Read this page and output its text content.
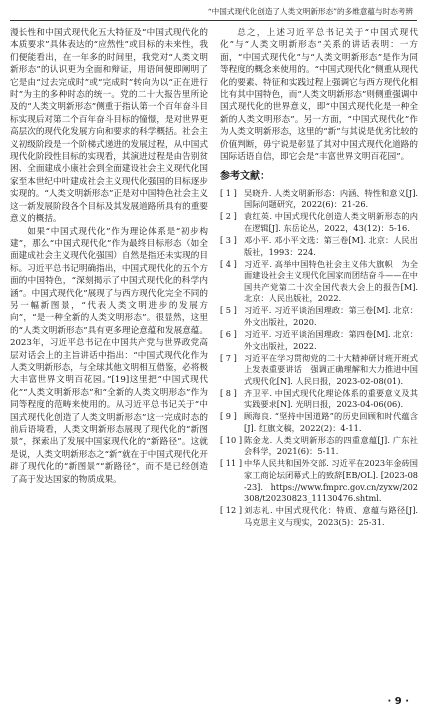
“中国式现代化创造了人类文明新形态”的多维意蕴与时态考辨

漫长性和中国式现代化五大特征及“中国式现代化的本质要求”具体表达的“应然性”或目标的未来性，我们便能看出，在一年多的时间里，我党对“人类文明新形态”的认识更为全面和辩证，用语间便即阐明了它是由“过去完成时”或“完成时”转向为以“正在进行时”为主的多种时态的统一。党的二十大报告里所论及的“人类文明新形态”侧重于指认第一个百年奋斗目标实现后对第二个百年奋斗目标的憧憬，是对世界更高层次的现代化发展方向和要求的科学概括。社会主义初级阶段是一个阶梯式递进的发展过程，从中国式现代化阶段性目标的实现看，其演进过程是由告别贫困、全面建成小康社会到全面建设社会主义现代化国家至本世纪中叶建成社会主义现代化强国的目标逐步实现的。“人类文明新形态”正是对中国特色社会主义这一新发展阶段各个目标及其发展道路所具有的重要意义的概括。

如果“中国式现代化”作为理论体系是“初步构建”，那么“中国式现代化”作为最终目标形态（如全面建成社会主义现代化强国）自然是指还未实现的目标。习近平总书记明确指出，中国式现代化的五个方面的中国特色，“深刻揭示了中国式现代化的科学内涵”。中国式现代化”展现了与西方现代化完全不同的另一幅新图景，“代表人类文明进步的发展方向”，“是一种全新的人类文明形态”。很显然，这里的“人类文明新形态”具有更多理论意蕴和发展意蕴。2023年，习近平总书记在中国共产党与世界政党高层对话会上的主旨讲话中指出：“中国式现代化作为人类文明新形态，与全球其他文明相互借鉴，必将极大丰富世界文明百花园。”[19]这里把“中国式现代化”“人类文明新形态”和“全新的人类文明形态”作为同等程度的范畴来使用的。从习近平总书记关于“中国式现代化创造了人类文明新形态”这一完成时态的前后语境看，人类文明新形态展现了现代化的“新图景”，探索出了发展中国家现代化的“新路径”。这就是说，人类文明新形态之“新”就在于中国式现代化开辟了现代化的“新图景”“新路径”，而不是已经创造了高于发达国家的物质成果。

总之，上述习近平总书记关于“中国式现代化”与“人类文明新形态”关系的讲话表明：一方面，“中国式现代化”与“人类文明新形态”是作为同等程度的概念来使用的。“中国式现代化”侧重从现代化的要素、特征和实践过程上强调它与西方现代化相比有其中国特色，而“人类文明新形态”则侧重强调中国式现代化的世界意义，即“中国式现代化是一种全新的人类文明形态”。另一方面，“中国式现代化”作为人类文明新形态，这里的“新”与其说是优劣比较的价值判断，毋宁说是彰显了其对中国式现代化道路的国际话语自信，即它会是“丰富世界文明百花园”。

参考文献：
[ 1 ] 吴晓升. 人类文明新形态：内涵、特性和意义[J]. 国际问题研究，2022(6)：21-26.
[ 2 ] 袁红英. 中国式现代化创造人类文明新形态的内在逻辑[J]. 东岳论丛，2022，43(12)：5-16.
[ 3 ] 邓小平. 邓小平文选：第三卷[M]. 北京：人民出版社，1993：224.
[ 4 ] 习近平. 高举中国特色社会主义伟大旗帜　为全面建设社会主义现代化国家而团结奋斗——在中国共产党第二十次全国代表大会上的报告[M]. 北京：人民出版社，2022.
[ 5 ] 习近平. 习近平谈治国理政：第三卷[M]. 北京：外文出版社，2020.
[ 6 ] 习近平. 习近平谈治国理政：第四卷[M]. 北京：外文出版社，2022.
[ 7 ] 习近平在学习贯彻党的二十大精神研讨班开班式上发表重要讲话　强调正确理解和大力推进中国式现代化[N]. 人民日报，2023-02-08(01).
[ 8 ] 齐卫平. 中国式现代化理论体系的重要意义及其实践要求[N]. 光明日报，2023-04-06(06).
[ 9 ] 顾海良. “坚持中国道路”的历史回顾和时代蕴含[J]. 红旗文稿，2022(2)：4-11.
[ 10 ] 陈金龙. 人类文明新形态的四重意蕴[J]. 广东社会科学，2021(6)：5-11.
[ 11 ] 中华人民共和国外交部. 习近平在2023年金砖国家工商论坛闭幕式上的致辞[EB/OL]. [2023-08-23]. https://www.fmprc.gov.cn/zyxw/202308/t20230823_11130476.shtml.
[ 12 ] 刘志礼. 中国式现代化：特质、意蕴与路径[J]. 马克思主义与现实，2023(5)：25-31.
· 9 ·
